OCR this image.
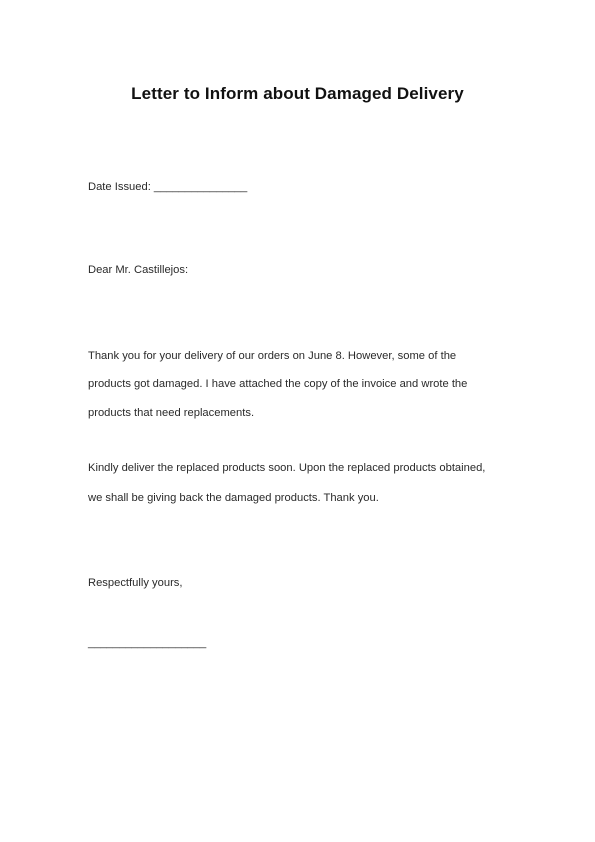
Letter to Inform about Damaged Delivery
Date Issued: _______________
Dear Mr. Castillejos:
Thank you for your delivery of our orders on June 8. However, some of the
products got damaged. I have attached the copy of the invoice and wrote the
products that need replacements.
Kindly deliver the replaced products soon. Upon the replaced products obtained,
we shall be giving back the damaged products. Thank you.
Respectfully yours,
___________________
